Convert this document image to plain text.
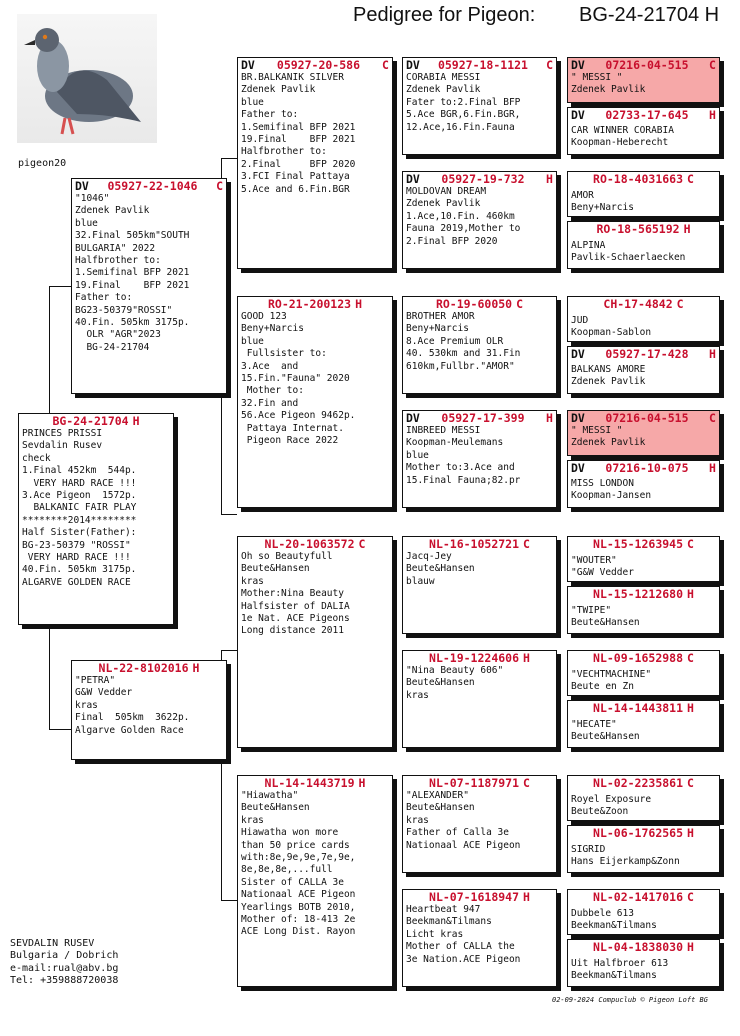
Pedigree for Pigeon: BG-24-21704 H
pigeon20
BG-24-21704 H
PRINCES PRISSI
Sevdalin Rusev
check
1.Final 452km  544p.
VERY HARD RACE !!!
3.Ace Pigeon  1572p.
BALKANIC FAIR PLAY
********2014********
Half Sister(Father):
BG-23-50379 "ROSSI"
VERY HARD RACE !!!
40.Fin. 505km 3175p.
ALGARVE GOLDEN RACE
DV 05927-22-1046 C
"1046"
Zdenek Pavlik
blue
32.Final 505km"SOUTH
BULGARIA" 2022
Halfbrother to:
1.Semifinal BFP 2021
19.Final    BFP 2021
Father to:
BG23-50379"ROSSI"
40.Fin. 505km 3175p.
OLR "AGR"2023
BG-24-21704
NL-22-8102016 H
"PETRA"
G&W Vedder
kras
Final  505km  3622p.
Algarve Golden Race
DV 05927-20-586 C
BR.BALKANIK SILVER
Zdenek Pavlik
blue
Father to:
1.Semifinal BFP 2021
19.Final    BFP 2021
Halfbrother to:
2.Final     BFP 2020
3.FCI Final Pattaya
5.Ace and 6.Fin.BGR
RO-21-200123 H
GOOD 123
Beny+Narcis
blue
Fullsister to:
3.Ace  and
15.Fin."Fauna" 2020
Mother to:
32.Fin and
56.Ace Pigeon 9462p.
Pattaya Internat.
Pigeon Race 2022
NL-20-1063572 C
Oh so Beautyfull
Beute&Hansen
kras
Mother:Nina Beauty
Halfsister of DALIA
1e Nat. ACE Pigeons
Long distance 2011
NL-14-1443719 H
"Hiawatha"
Beute&Hansen
kras
Hiawatha won more
than 50 price cards
with:8e,9e,9e,7e,9e,
8e,8e,8e,...full
Sister of CALLA 3e
Nationaal ACE Pigeon
Yearlings BOTB 2010,
Mother of: 18-413 2e
ACE Long Dist. Rayon
DV 05927-18-1121 C
CORABIA MESSI
Zdenek Pavlik
Fater to:2.Final BFP
5.Ace BGR,6.Fin.BGR,
12.Ace,16.Fin.Fauna
DV 05927-19-732 H
MOLDOVAN DREAM
Zdenek Pavlik
1.Ace,10.Fin. 460km
Fauna 2019,Mother to
2.Final BFP 2020
RO-19-60050 C
BROTHER AMOR
Beny+Narcis
8.Ace Premium OLR
40. 530km and 31.Fin
610km,Fullbr."AMOR"
DV 05927-17-399 H
INBREED MESSI
Koopman-Meulemans
blue
Mother to:3.Ace and
15.Final Fauna;82.pr
NL-16-1052721 C
Jacq-Jey
Beute&Hansen
blauw
NL-19-1224606 H
"Nina Beauty 606"
Beute&Hansen
kras
NL-07-1187971 C
"ALEXANDER"
Beute&Hansen
kras
Father of Calla 3e
Nationaal ACE Pigeon
NL-07-1618947 H
Heartbeat 947
Beekman&Tilmans
Licht kras
Mother of CALLA the
3e Nation.ACE Pigeon
DV 07216-04-515 C
" MESSI "
Zdenek Pavlik
DV 02733-17-645 H
CAR WINNER CORABIA
Koopman-Heberecht
RO-18-4031663 C
AMOR
Beny+Narcis
RO-18-565192 H
ALPINA
Pavlik-Schaerlaecken
CH-17-4842 C
JUD
Koopman-Sablon
DV 05927-17-428 H
BALKANS AMORE
Zdenek Pavlik
DV 07216-04-515 C
" MESSI "
Zdenek Pavlik
DV 07216-10-075 H
MISS LONDON
Koopman-Jansen
NL-15-1263945 C
"WOUTER"
"G&W Vedder
NL-15-1212680 H
"TWIPE"
Beute&Hansen
NL-09-1652988 C
"VECHTMACHINE"
Beute en Zn
NL-14-1443811 H
"HECATE"
Beute&Hansen
NL-02-2235861 C
Royel Exposure
Beute&Zoon
NL-06-1762565 H
SIGRID
Hans Eijerkamp&Zonn
NL-02-1417016 C
Dubbele 613
Beekman&Tilmans
NL-04-1838030 H
Uit Halfbroer 613
Beekman&Tilmans
SEVDALIN RUSEV
Bulgaria / Dobrich
e-mail:rual@abv.bg
Tel: +359888720038
02-09-2024 Compuclub © Pigeon Loft BG
